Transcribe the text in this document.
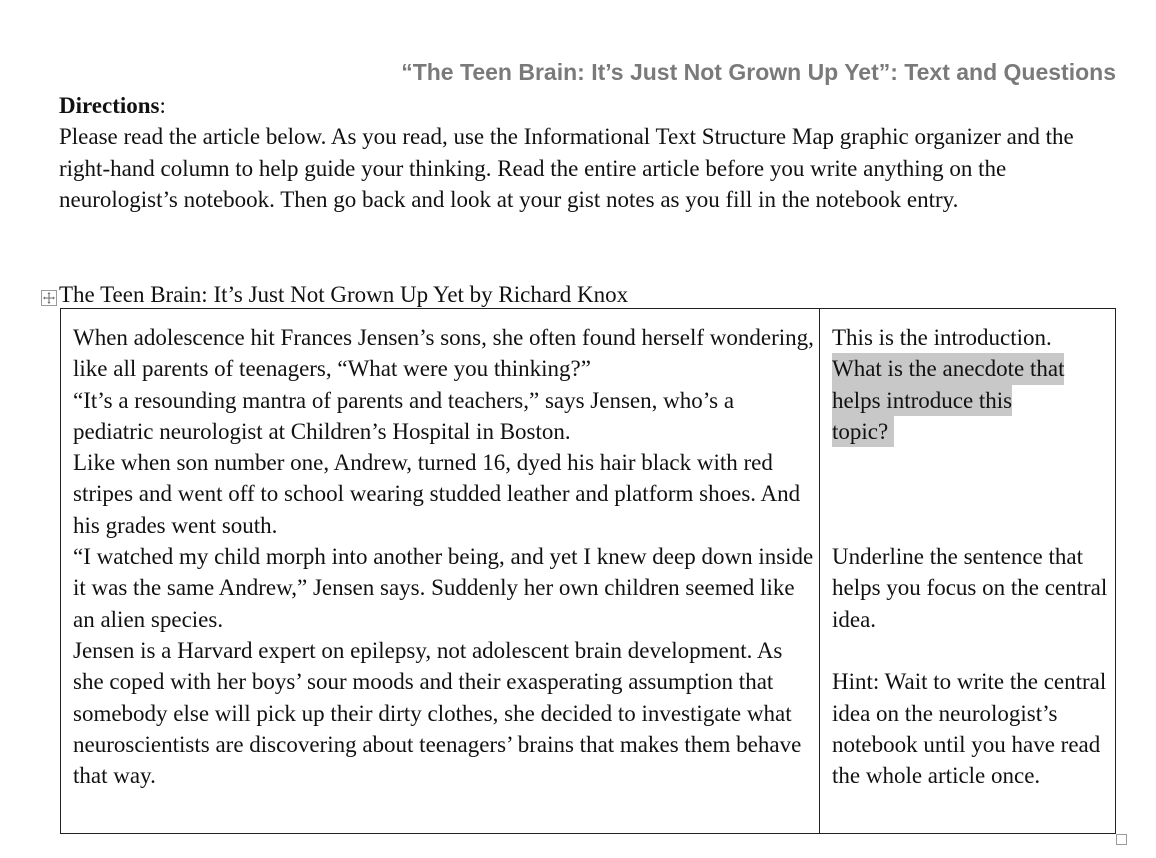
“The Teen Brain: It’s Just Not Grown Up Yet”: Text and Questions
Directions:
Please read the article below. As you read, use the Informational Text Structure Map graphic organizer and the right-hand column to help guide your thinking. Read the entire article before you write anything on the neurologist’s notebook. Then go back and look at your gist notes as you fill in the notebook entry.
The Teen Brain: It’s Just Not Grown Up Yet by Richard Knox

When adolescence hit Frances Jensen’s sons, she often found herself wondering, like all parents of teenagers, “What were you thinking?”

“It’s a resounding mantra of parents and teachers,” says Jensen, who’s a pediatric neurologist at Children’s Hospital in Boston.

Like when son number one, Andrew, turned 16, dyed his hair black with red stripes and went off to school wearing studded leather and platform shoes. And his grades went south.

“I watched my child morph into another being, and yet I knew deep down inside it was the same Andrew,” Jensen says. Suddenly her own children seemed like an alien species.

Jensen is a Harvard expert on epilepsy, not adolescent brain development. As she coped with her boys’ sour moods and their exasperating assumption that somebody else will pick up their dirty clothes, she decided to investigate what neuroscientists are discovering about teenagers’ brains that makes them behave that way.

This is the introduction.
What is the anecdote that
helps introduce this
topic?
Underline the sentence that helps you focus on the central idea.
Hint: Wait to write the central idea on the neurologist’s notebook until you have read the whole article once.
